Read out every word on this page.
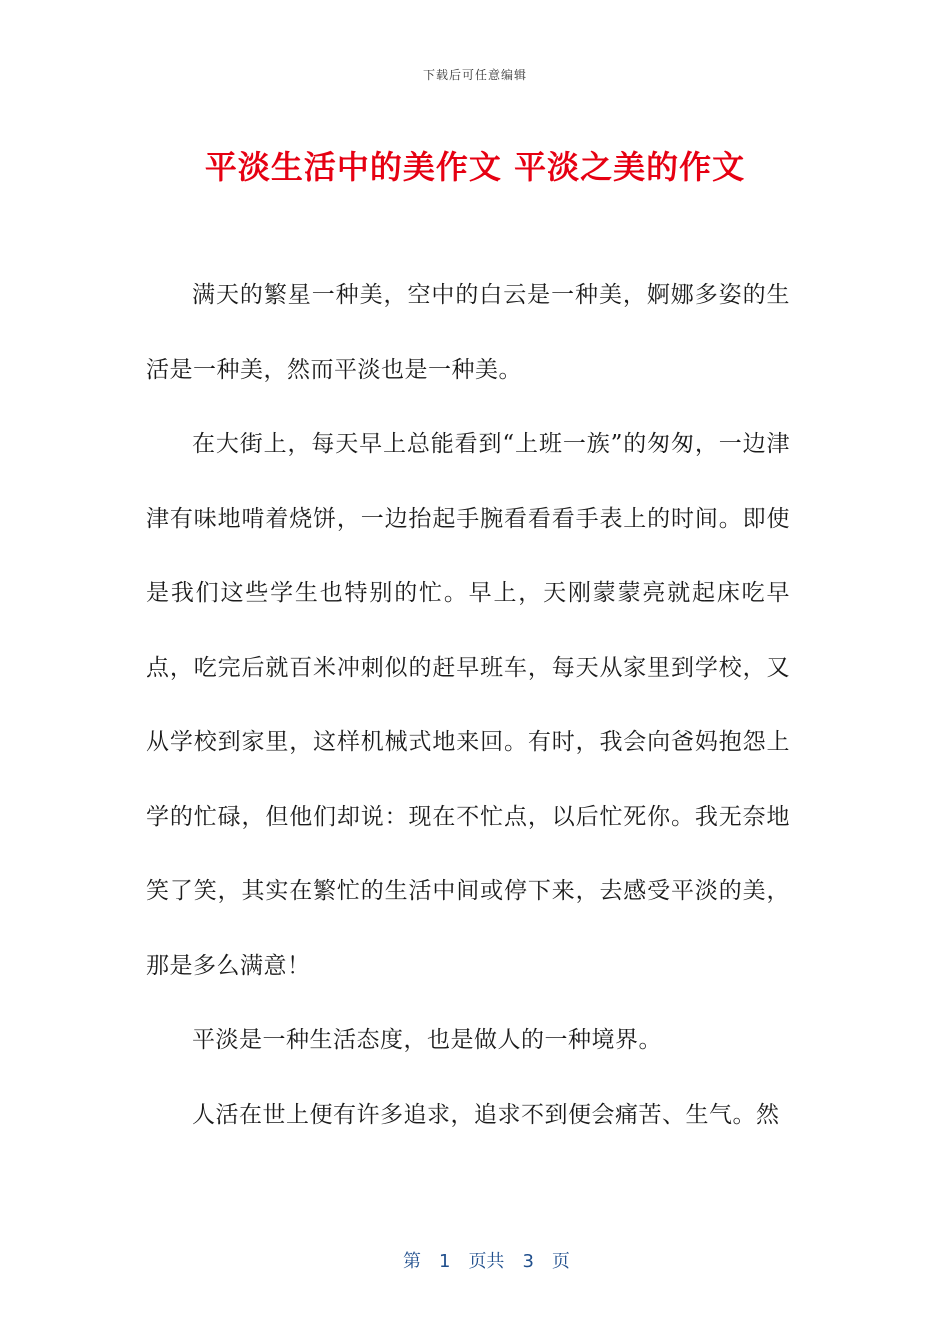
下载后可任意编辑
平淡生活中的美作文 平淡之美的作文

满天的繁星一种美，空中的白云是一种美，婀娜多姿的生活是一种美，然而平淡也是一种美。

在大街上，每天早上总能看到“上班一族”的匆匆，一边津津有味地啃着烧饼，一边抬起手腕看看看手表上的时间。即使是我们这些学生也特别的忙。早上，天刚蒙蒙亮就起床吃早点，吃完后就百米冲刺似的赶早班车，每天从家里到学校，又从学校到家里，这样机械式地来回。有时，我会向爸妈抱怨上学的忙碌，但他们却说：现在不忙点，以后忙死你。我无奈地笑了笑，其实在繁忙的生活中间或停下来，去感受平淡的美，那是多么满意！

平淡是一种生活态度，也是做人的一种境界。

人活在世上便有许多追求，追求不到便会痛苦、生气。然

第 1 页共 3 页
